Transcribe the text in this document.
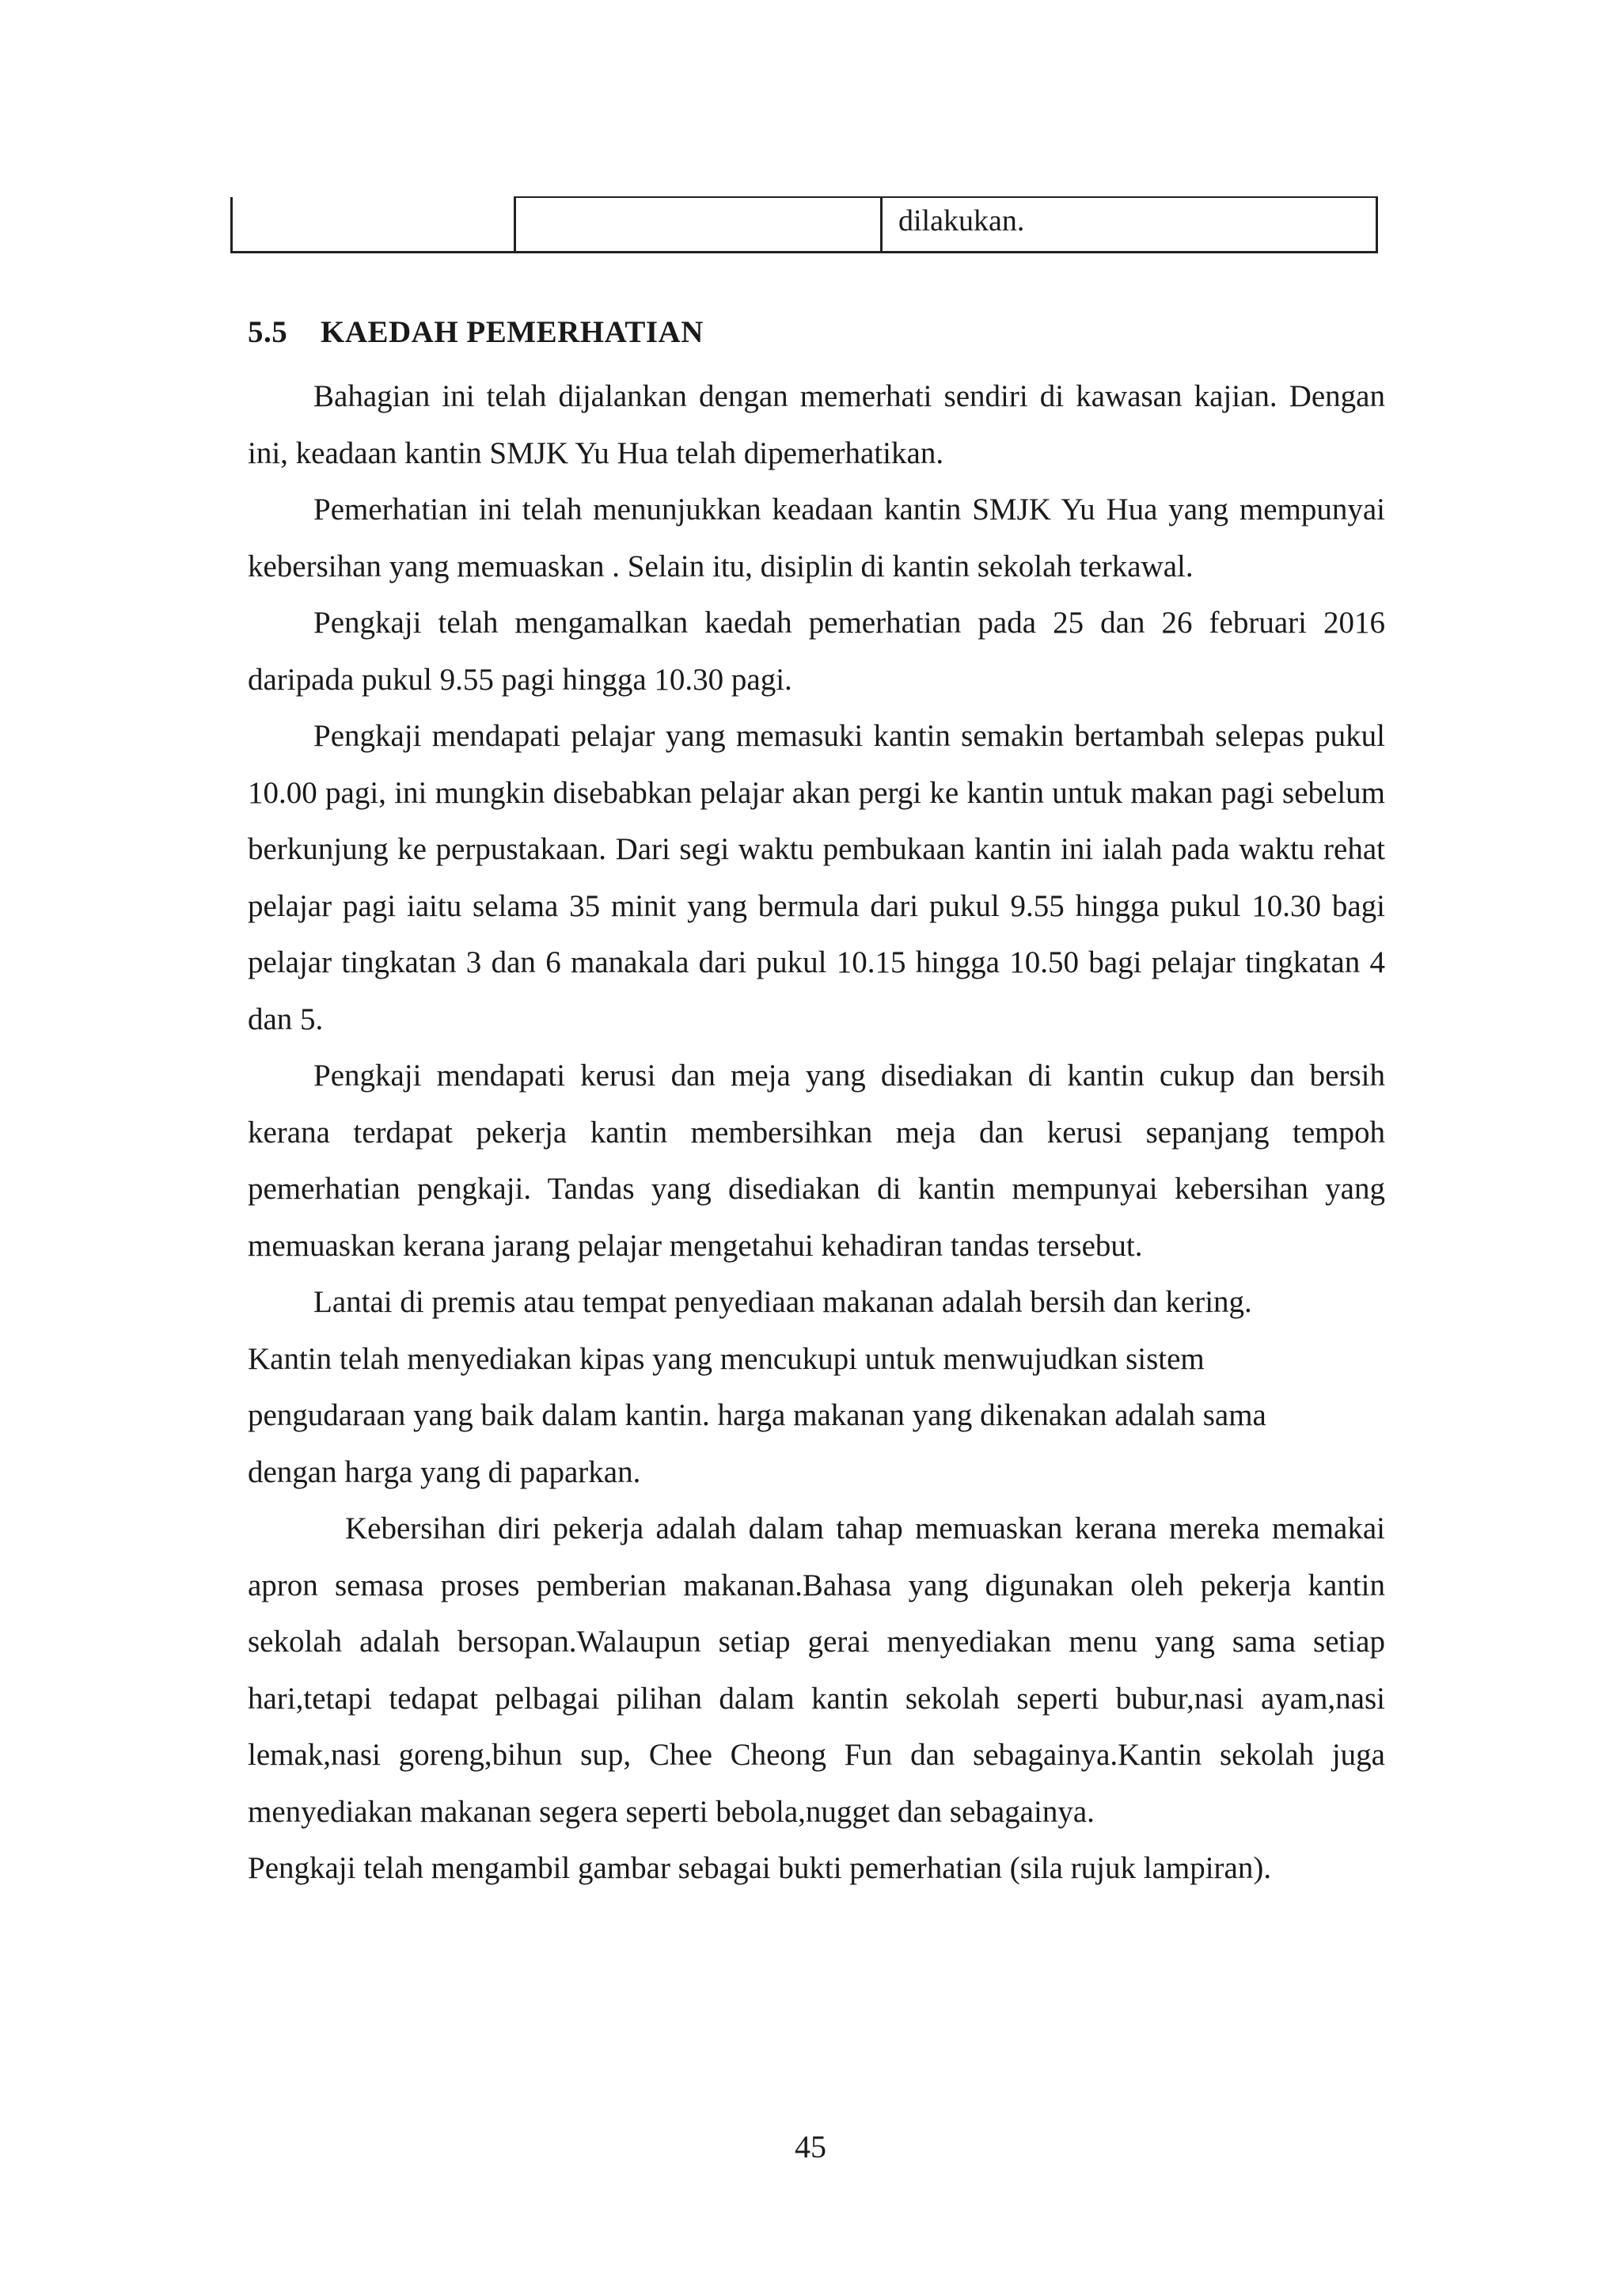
		dilakukan.
5.5 KAEDAH PEMERHATIAN

Bahagian ini telah dijalankan dengan memerhati sendiri di kawasan kajian. Dengan ini, keadaan kantin SMJK Yu Hua telah dipemerhatikan.

Pemerhatian ini telah menunjukkan keadaan kantin SMJK Yu Hua yang mempunyai kebersihan yang memuaskan . Selain itu, disiplin di kantin sekolah terkawal.

Pengkaji telah mengamalkan kaedah pemerhatian pada 25 dan 26 februari 2016 daripada pukul 9.55 pagi hingga 10.30 pagi.

Pengkaji mendapati pelajar yang memasuki kantin semakin bertambah selepas pukul 10.00 pagi, ini mungkin disebabkan pelajar akan pergi ke kantin untuk makan pagi sebelum berkunjung ke perpustakaan. Dari segi waktu pembukaan kantin ini ialah pada waktu rehat pelajar pagi iaitu selama 35 minit yang bermula dari pukul 9.55 hingga pukul 10.30 bagi pelajar tingkatan 3 dan 6 manakala dari pukul 10.15 hingga 10.50 bagi pelajar tingkatan 4 dan 5.

Pengkaji mendapati kerusi dan meja yang disediakan di kantin cukup dan bersih kerana terdapat pekerja kantin membersihkan meja dan kerusi sepanjang tempoh pemerhatian pengkaji. Tandas yang disediakan di kantin mempunyai kebersihan yang memuaskan kerana jarang pelajar mengetahui kehadiran tandas tersebut.

Lantai di premis atau tempat penyediaan makanan adalah bersih dan kering.

Kantin telah menyediakan kipas yang mencukupi untuk menwujudkan sistem

pengudaraan yang baik dalam kantin. harga makanan yang dikenakan adalah sama

dengan harga yang di paparkan.

Kebersihan diri pekerja adalah dalam tahap memuaskan kerana mereka memakai apron semasa proses pemberian makanan.Bahasa yang digunakan oleh pekerja kantin sekolah adalah bersopan.Walaupun setiap gerai menyediakan menu yang sama setiap hari,tetapi tedapat pelbagai pilihan dalam kantin sekolah seperti bubur,nasi ayam,nasi lemak,nasi goreng,bihun sup, Chee Cheong Fun dan sebagainya.Kantin sekolah juga menyediakan makanan segera seperti bebola,nugget dan sebagainya.

Pengkaji telah mengambil gambar sebagai bukti pemerhatian (sila rujuk lampiran).

45
